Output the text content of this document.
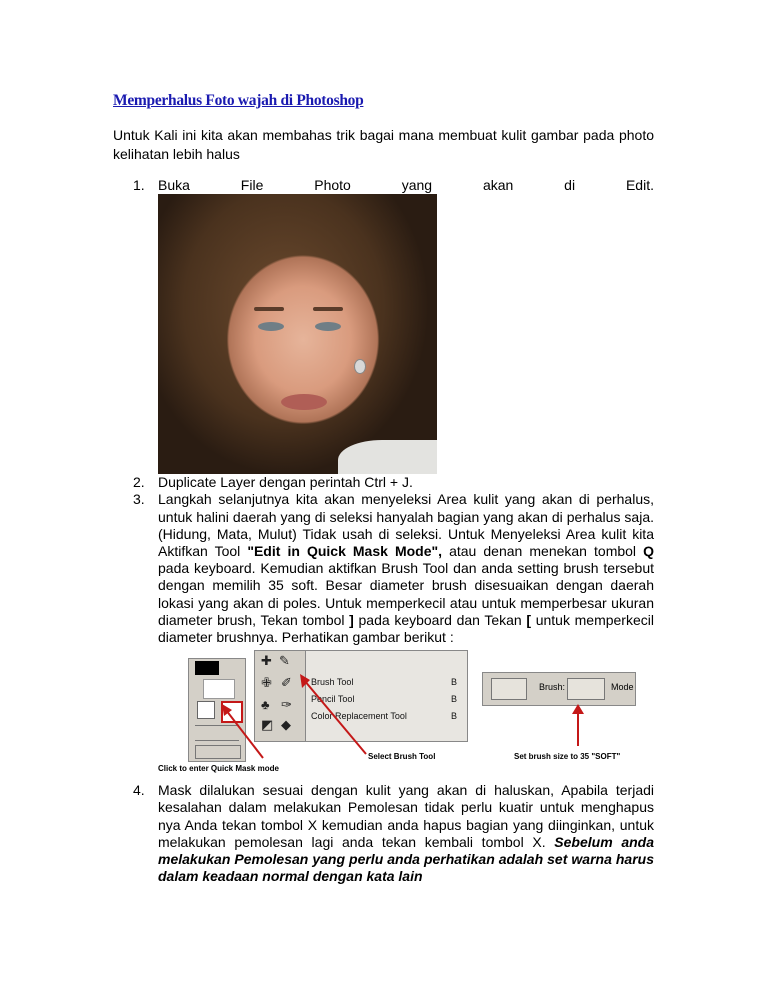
Memperhalus Foto wajah di Photoshop
Untuk Kali ini kita akan membahas trik bagai mana membuat kulit gambar pada photo kelihatan lebih halus
1. Buka	File	Photo	yang	akan	di	Edit.
2. Duplicate Layer dengan perintah Ctrl + J.
3. Langkah selanjutnya kita akan menyeleksi Area kulit yang akan di perhalus, untuk halini daerah yang di seleksi hanyalah bagian yang akan di perhalus saja. (Hidung, Mata, Mulut) Tidak usah di seleksi. Untuk Menyeleksi Area kulit kita Aktifkan Tool "Edit in Quick Mask Mode", atau denan menekan tombol Q pada keyboard. Kemudian aktifkan Brush Tool dan anda setting brush tersebut dengan memilih 35 soft. Besar diameter brush disesuaikan dengan daerah lokasi yang akan di poles. Untuk memperkecil atau untuk memperbesar ukuran diameter brush, Tekan tombol ] pada keyboard dan Tekan [ untuk memperkecil diameter brushnya. Perhatikan gambar berikut :
Click to enter Quick Mask mode
✚ ✎
✙ ✐
♣ ✑
◩ ◆
Brush Tool	B
Pencil Tool	B
Color Replacement Tool	B
Select Brush Tool
Brush:	Mode
Set brush size to 35 "SOFT"
4. Mask dilalukan sesuai dengan kulit yang akan di haluskan, Apabila terjadi kesalahan dalam melakukan Pemolesan tidak perlu kuatir untuk menghapus nya Anda tekan tombol X kemudian anda hapus bagian yang diinginkan, untuk melakukan pemolesan lagi anda tekan kembali tombol X. Sebelum anda melakukan Pemolesan yang perlu anda perhatikan adalah set warna harus dalam keadaan normal dengan kata lain
